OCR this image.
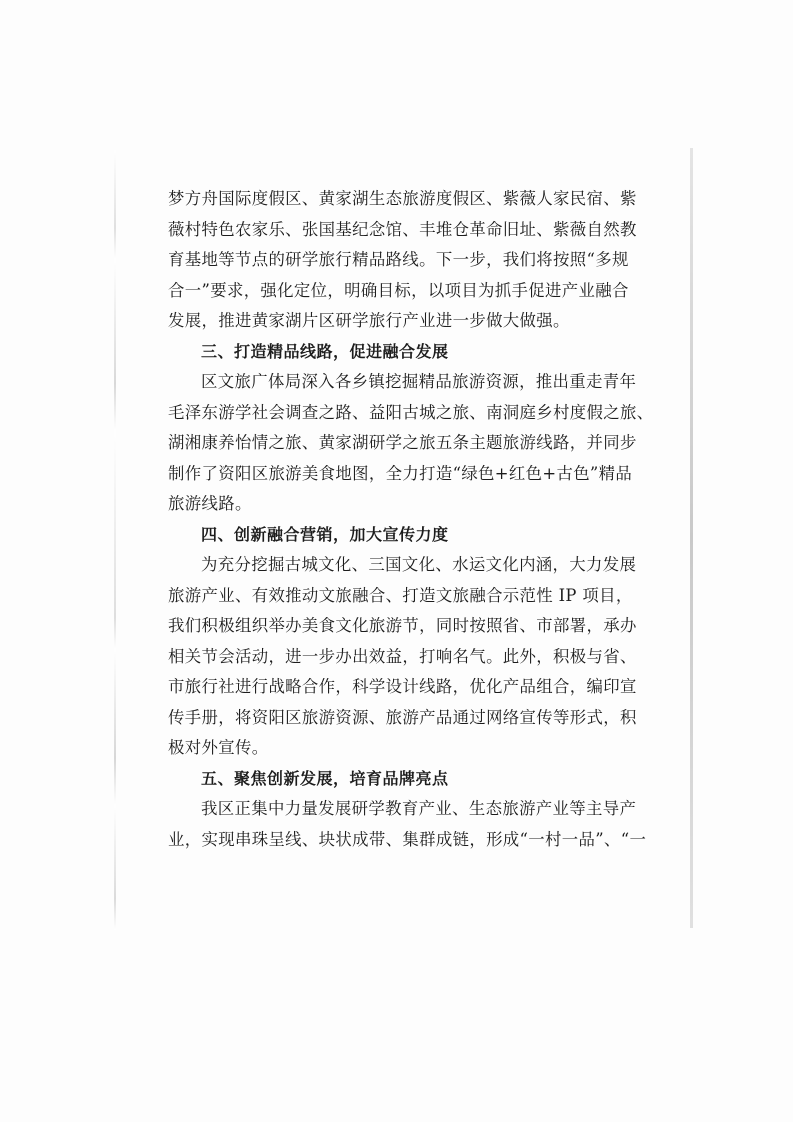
梦方舟国际度假区、黄家湖生态旅游度假区、紫薇人家民宿、紫
薇村特色农家乐、张国基纪念馆、丰堆仓革命旧址、紫薇自然教
育基地等节点的研学旅行精品路线。下一步，我们将按照“多规
合一”要求，强化定位，明确目标，以项目为抓手促进产业融合
发展，推进黄家湖片区研学旅行产业进一步做大做强。
三、打造精品线路，促进融合发展
区文旅广体局深入各乡镇挖掘精品旅游资源，推出重走青年
毛泽东游学社会调查之路、益阳古城之旅、南洞庭乡村度假之旅、
湖湘康养怡情之旅、黄家湖研学之旅五条主题旅游线路，并同步
制作了资阳区旅游美食地图，全力打造“绿色+红色+古色”精品
旅游线路。
四、创新融合营销，加大宣传力度
为充分挖掘古城文化、三国文化、水运文化内涵，大力发展
旅游产业、有效推动文旅融合、打造文旅融合示范性 IP 项目，
我们积极组织举办美食文化旅游节，同时按照省、市部署，承办
相关节会活动，进一步办出效益，打响名气。此外，积极与省、
市旅行社进行战略合作，科学设计线路，优化产品组合，编印宣
传手册，将资阳区旅游资源、旅游产品通过网络宣传等形式，积
极对外宣传。
五、聚焦创新发展，培育品牌亮点
我区正集中力量发展研学教育产业、生态旅游产业等主导产
业，实现串珠呈线、块状成带、集群成链，形成“一村一品”、“一
